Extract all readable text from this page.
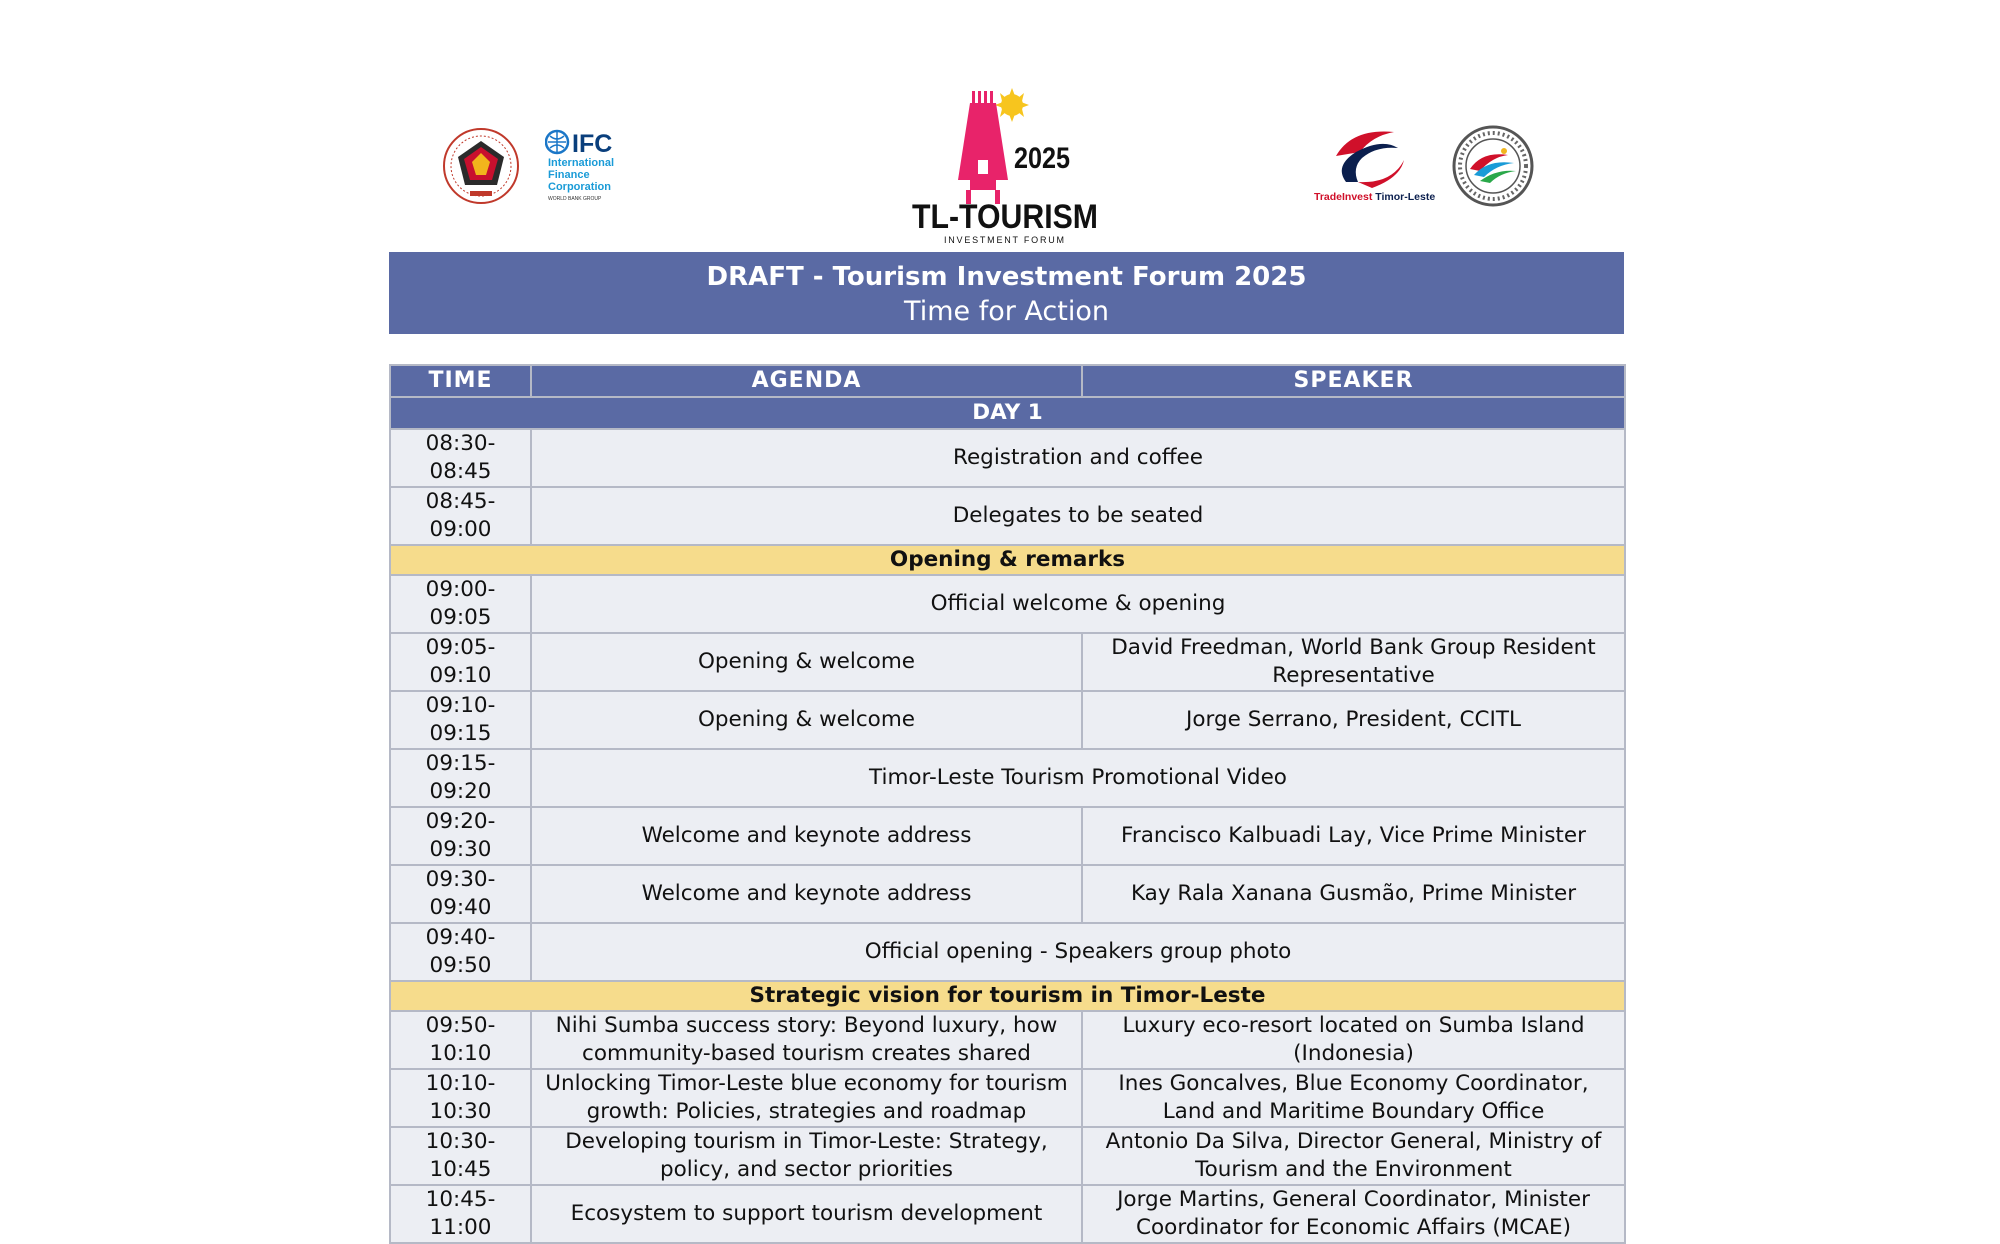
IFC
International
Finance
Corporation
WORLD BANK GROUP
2025
TL-TOURISM
INVESTMENT FORUM
TradeInvest Timor-Leste
DRAFT - Tourism Investment Forum 2025
Time for Action
TIME	AGENDA	SPEAKER
DAY 1		
08:30-08:45	Registration and coffee	
08:45-09:00	Delegates to be seated	
Opening & remarks		
09:00-09:05	Official welcome & opening	
09:05-09:10	Opening & welcome	David Freedman, World Bank Group Resident Representative
09:10-09:15	Opening & welcome	Jorge Serrano, President, CCITL
09:15-09:20	Timor-Leste Tourism Promotional Video	
09:20-09:30	Welcome and keynote address	Francisco Kalbuadi Lay, Vice Prime Minister
09:30-09:40	Welcome and keynote address	Kay Rala Xanana Gusmão, Prime Minister
09:40-09:50	Official opening - Speakers group photo	
Strategic vision for tourism in Timor-Leste		
09:50-10:10	Nihi Sumba success story: Beyond luxury, how community-based tourism creates shared	Luxury eco-resort located on Sumba Island (Indonesia)
10:10-10:30	Unlocking Timor-Leste blue economy for tourism growth: Policies, strategies and roadmap	Ines Goncalves, Blue Economy Coordinator, Land and Maritime Boundary Office
10:30-10:45	Developing tourism in Timor-Leste: Strategy, policy, and sector priorities	Antonio Da Silva, Director General, Ministry of Tourism and the Environment
10:45-11:00	Ecosystem to support tourism development	Jorge Martins, General Coordinator, Minister Coordinator for Economic Affairs (MCAE)
